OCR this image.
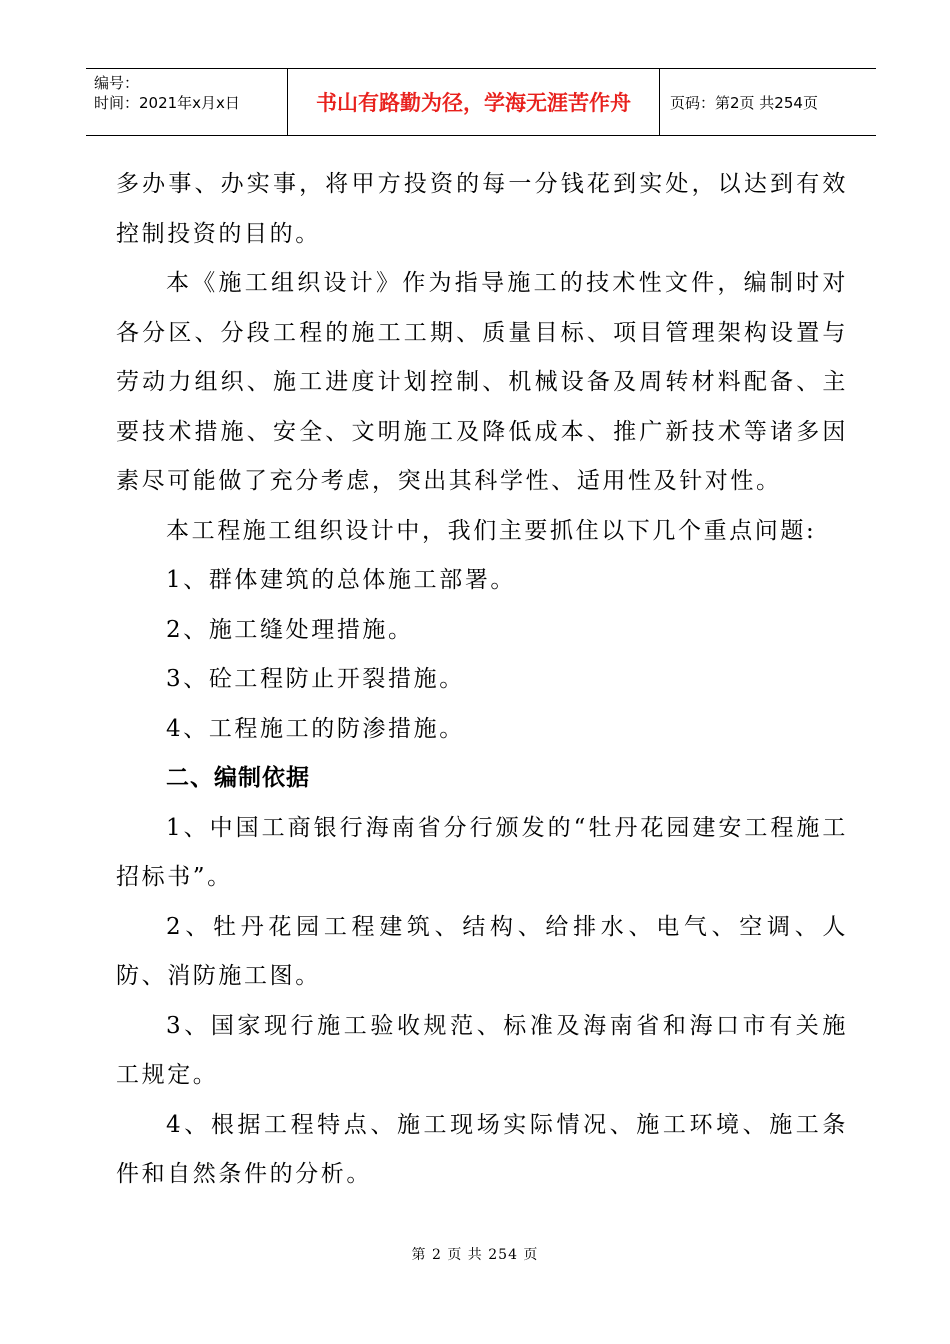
编号：
时间：2021年x月x日	书山有路勤为径，学海无涯苦作舟	页码：第2页 共254页

多办事、办实事，将甲方投资的每一分钱花到实处，以达到有效控制投资的目的。

本《施工组织设计》作为指导施工的技术性文件，编制时对各分区、分段工程的施工工期、质量目标、项目管理架构设置与劳动力组织、施工进度计划控制、机械设备及周转材料配备、主要技术措施、安全、文明施工及降低成本、推广新技术等诸多因素尽可能做了充分考虑，突出其科学性、适用性及针对性。

本工程施工组织设计中，我们主要抓住以下几个重点问题:

1、群体建筑的总体施工部署。

2、施工缝处理措施。

3、砼工程防止开裂措施。

4、工程施工的防渗措施。

二、编制依据

1、中国工商银行海南省分行颁发的“牡丹花园建安工程施工招标书”。

2、牡丹花园工程建筑、结构、给排水、电气、空调、人防、消防施工图。

3、国家现行施工验收规范、标准及海南省和海口市有关施工规定。

4、根据工程特点、施工现场实际情况、施工环境、施工条件和自然条件的分析。

第 2 页 共 254 页
